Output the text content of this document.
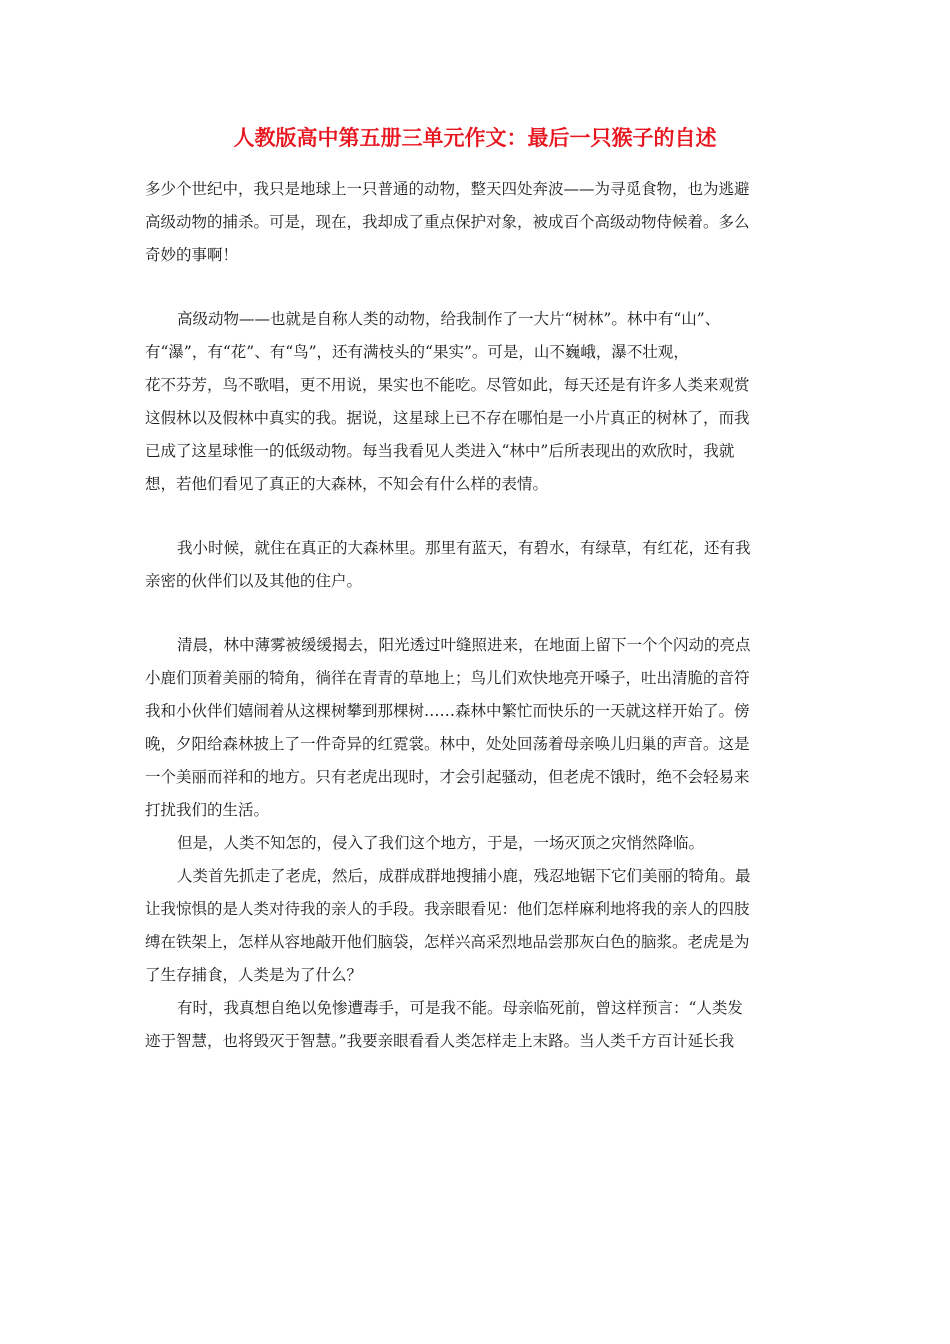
人教版高中第五册三单元作文：最后一只猴子的自述
多少个世纪中，我只是地球上一只普通的动物，整天四处奔波——为寻觅食物，也为逃避
高级动物的捕杀。可是，现在，我却成了重点保护对象，被成百个高级动物侍候着。多么
奇妙的事啊！
高级动物——也就是自称人类的动物，给我制作了一大片“树林”。林中有“山”、
有“瀑”，有“花”、有“鸟”，还有满枝头的“果实”。可是，山不巍峨，瀑不壮观，
花不芬芳，鸟不歌唱，更不用说，果实也不能吃。尽管如此，每天还是有许多人类来观赏
这假林以及假林中真实的我。据说，这星球上已不存在哪怕是一小片真正的树林了，而我
已成了这星球惟一的低级动物。每当我看见人类进入“林中”后所表现出的欢欣时，我就
想，若他们看见了真正的大森林，不知会有什么样的表情。
我小时候，就住在真正的大森林里。那里有蓝天，有碧水，有绿草，有红花，还有我
亲密的伙伴们以及其他的住户。
清晨，林中薄雾被缓缓揭去，阳光透过叶缝照进来，在地面上留下一个个闪动的亮点
小鹿们顶着美丽的犄角，徜徉在青青的草地上；鸟儿们欢快地亮开嗓子，吐出清脆的音符
我和小伙伴们嬉闹着从这棵树攀到那棵树……森林中繁忙而快乐的一天就这样开始了。傍
晚，夕阳给森林披上了一件奇异的红霓裳。林中，处处回荡着母亲唤儿归巢的声音。这是
一个美丽而祥和的地方。只有老虎出现时，才会引起骚动，但老虎不饿时，绝不会轻易来
打扰我们的生活。
但是，人类不知怎的，侵入了我们这个地方，于是，一场灭顶之灾悄然降临。
人类首先抓走了老虎，然后，成群成群地搜捕小鹿，残忍地锯下它们美丽的犄角。最
让我惊惧的是人类对待我的亲人的手段。我亲眼看见：他们怎样麻利地将我的亲人的四肢
缚在铁架上，怎样从容地敲开他们脑袋，怎样兴高采烈地品尝那灰白色的脑浆。老虎是为
了生存捕食，人类是为了什么？
有时，我真想自绝以免惨遭毒手，可是我不能。母亲临死前，曾这样预言：“人类发
迹于智慧，也将毁灭于智慧。”我要亲眼看看人类怎样走上末路。当人类千方百计延长我
